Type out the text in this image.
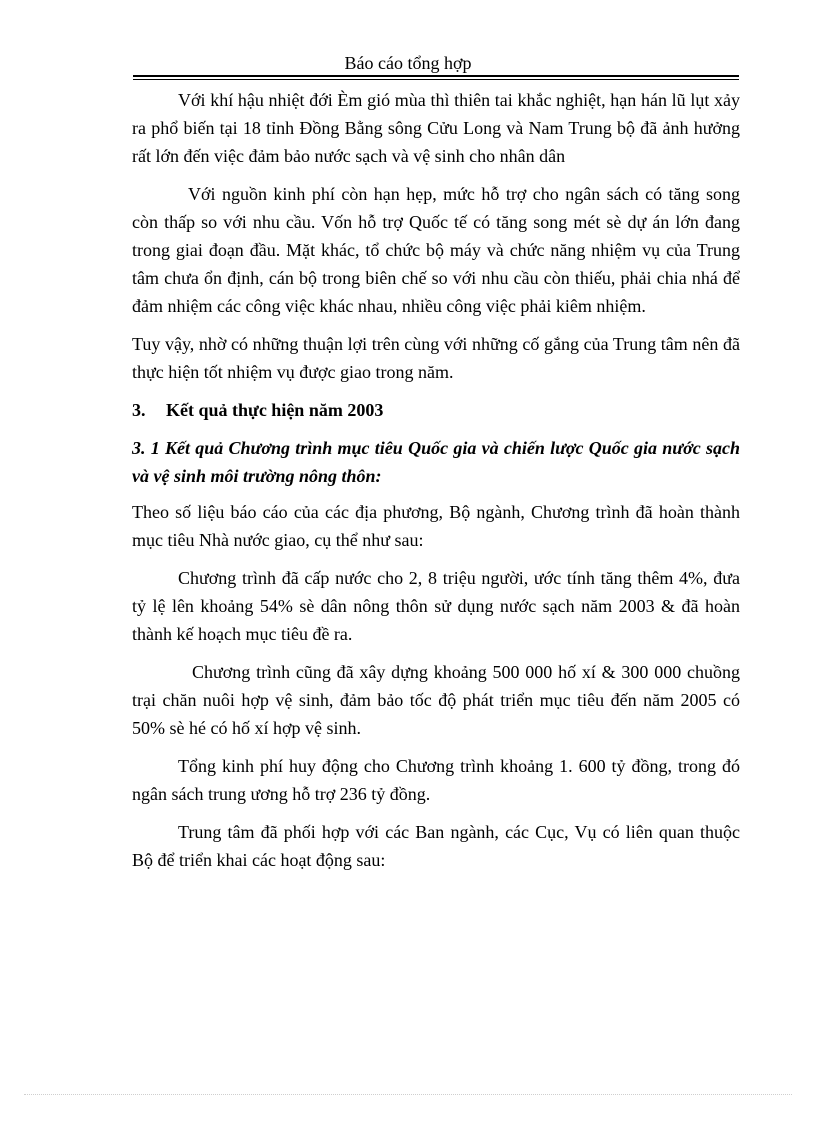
Báo cáo tổng hợp

Với khí hậu nhiệt đới Èm gió mùa thì thiên tai khắc nghiệt, hạn hán lũ lụt xảy ra phổ biến tại 18 tỉnh Đồng Bằng sông Cửu Long và Nam Trung bộ đã ảnh hưởng rất lớn đến việc đảm bảo nước sạch và vệ sinh cho nhân dân

Với nguồn kinh phí còn hạn hẹp, mức hỗ trợ cho ngân sách có tăng song còn thấp so với nhu cầu. Vốn hỗ trợ Quốc tế có tăng song mét sè dự án lớn đang trong giai đoạn đầu. Mặt khác, tổ chức bộ máy và chức năng nhiệm vụ của Trung tâm chưa ổn định, cán bộ trong biên chế so với nhu cầu còn thiếu, phải chia nhá để đảm nhiệm các công việc khác nhau, nhiều công việc phải kiêm nhiệm.

Tuy vậy, nhờ có những thuận lợi trên cùng với những cố gắng của Trung tâm nên đã thực hiện tốt nhiệm vụ được giao trong năm.

3. Kết quả thực hiện năm 2003

3. 1 Kết quả Chương trình mục tiêu Quốc gia và chiến lược Quốc gia nước sạch và vệ sinh môi trường nông thôn:

Theo số liệu báo cáo của các địa phương, Bộ ngành, Chương trình đã hoàn thành mục tiêu Nhà nước giao, cụ thể như sau:

Chương trình đã cấp nước cho 2, 8 triệu người, ước tính tăng thêm 4%, đưa tỷ lệ lên khoảng 54% sè dân nông thôn sử dụng nước sạch năm 2003 & đã hoàn thành kế hoạch mục tiêu đề ra.

Chương trình cũng đã xây dựng khoảng 500 000 hố xí & 300 000 chuồng trại chăn nuôi hợp vệ sinh, đảm bảo tốc độ phát triển mục tiêu đến năm 2005 có 50% sè hé có hố xí hợp vệ sinh.

Tổng kinh phí huy động cho Chương trình khoảng 1. 600 tỷ đồng, trong đó ngân sách trung ương hỗ trợ 236 tỷ đồng.

Trung tâm đã phối hợp với các Ban ngành, các Cục, Vụ có liên quan thuộc Bộ để triển khai các hoạt động sau:
